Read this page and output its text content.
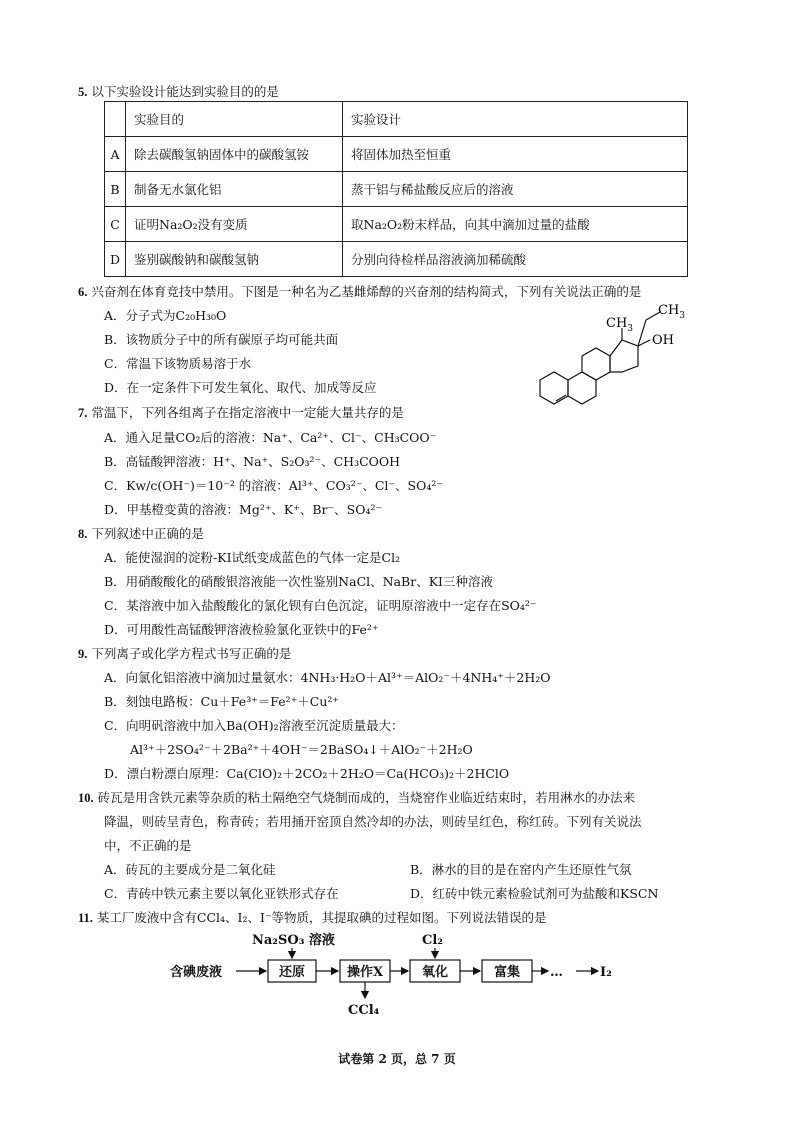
5. 以下实验设计能达到实验目的的是
	实验目的	实验设计
A	除去碳酸氢钠固体中的碳酸氢铵	将固体加热至恒重
B	制备无水氯化铝	蒸干铝与稀盐酸反应后的溶液
C	证明Na₂O₂没有变质	取Na₂O₂粉末样品，向其中滴加过量的盐酸
D	鉴别碳酸钠和碳酸氢钠	分别向待检样品溶液滴加稀硫酸
6. 兴奋剂在体育竞技中禁用。下图是一种名为乙基雌烯醇的兴奋剂的结构简式，下列有关说法正确的是
A．分子式为C₂₀H₃₀O
B．该物质分子中的所有碳原子均可能共面
C．常温下该物质易溶于水
D．在一定条件下可发生氧化、取代、加成等反应
$CH_3$
OH
$CH_3$
7. 常温下，下列各组离子在指定溶液中一定能大量共存的是
A．通入足量CO₂后的溶液：Na⁺、Ca²⁺、Cl⁻、CH₃COO⁻
B．高锰酸钾溶液：H⁺、Na⁺、S₂O₃²⁻、CH₃COOH
C．Kw/c(OH⁻)＝10⁻² 的溶液：Al³⁺、CO₃²⁻、Cl⁻、SO₄²⁻
D．甲基橙变黄的溶液：Mg²⁺、K⁺、Br⁻、SO₄²⁻
8. 下列叙述中正确的是
A．能使湿润的淀粉-KI试纸变成蓝色的气体一定是Cl₂
B．用硝酸酸化的硝酸银溶液能一次性鉴别NaCl、NaBr、KI三种溶液
C．某溶液中加入盐酸酸化的氯化钡有白色沉淀，证明原溶液中一定存在SO₄²⁻
D．可用酸性高锰酸钾溶液检验氯化亚铁中的Fe²⁺
9. 下列离子或化学方程式书写正确的是
A．向氯化铝溶液中滴加过量氨水：4NH₃·H₂O＋Al³⁺＝AlO₂⁻＋4NH₄⁺＋2H₂O
B．刻蚀电路板：Cu＋Fe³⁺＝Fe²⁺＋Cu²⁺
C．向明矾溶液中加入Ba(OH)₂溶液至沉淀质量最大：
Al³⁺＋2SO₄²⁻＋2Ba²⁺＋4OH⁻＝2BaSO₄↓＋AlO₂⁻＋2H₂O
D．漂白粉漂白原理：Ca(ClO)₂＋2CO₂＋2H₂O＝Ca(HCO₃)₂＋2HClO
10. 砖瓦是用含铁元素等杂质的粘土隔绝空气烧制而成的，当烧窑作业临近结束时，若用淋水的办法来
降温，则砖呈青色，称青砖；若用捅开窑顶自然冷却的办法，则砖呈红色，称红砖。下列有关说法
中，不正确的是
A．砖瓦的主要成分是二氧化硅	B．淋水的目的是在窑内产生还原性气氛
C．青砖中铁元素主要以氧化亚铁形式存在	D．红砖中铁元素检验试剂可为盐酸和KSCN
11. 某工厂废液中含有CCl₄、I₂、I⁻等物质，其提取碘的过程如图。下列说法错误的是
含碘废液
Na₂SO₃ 溶液	Cl₂
CCl₄
…	I₂
还原	操作X	氧化	富集
试卷第 2 页，总 7 页
